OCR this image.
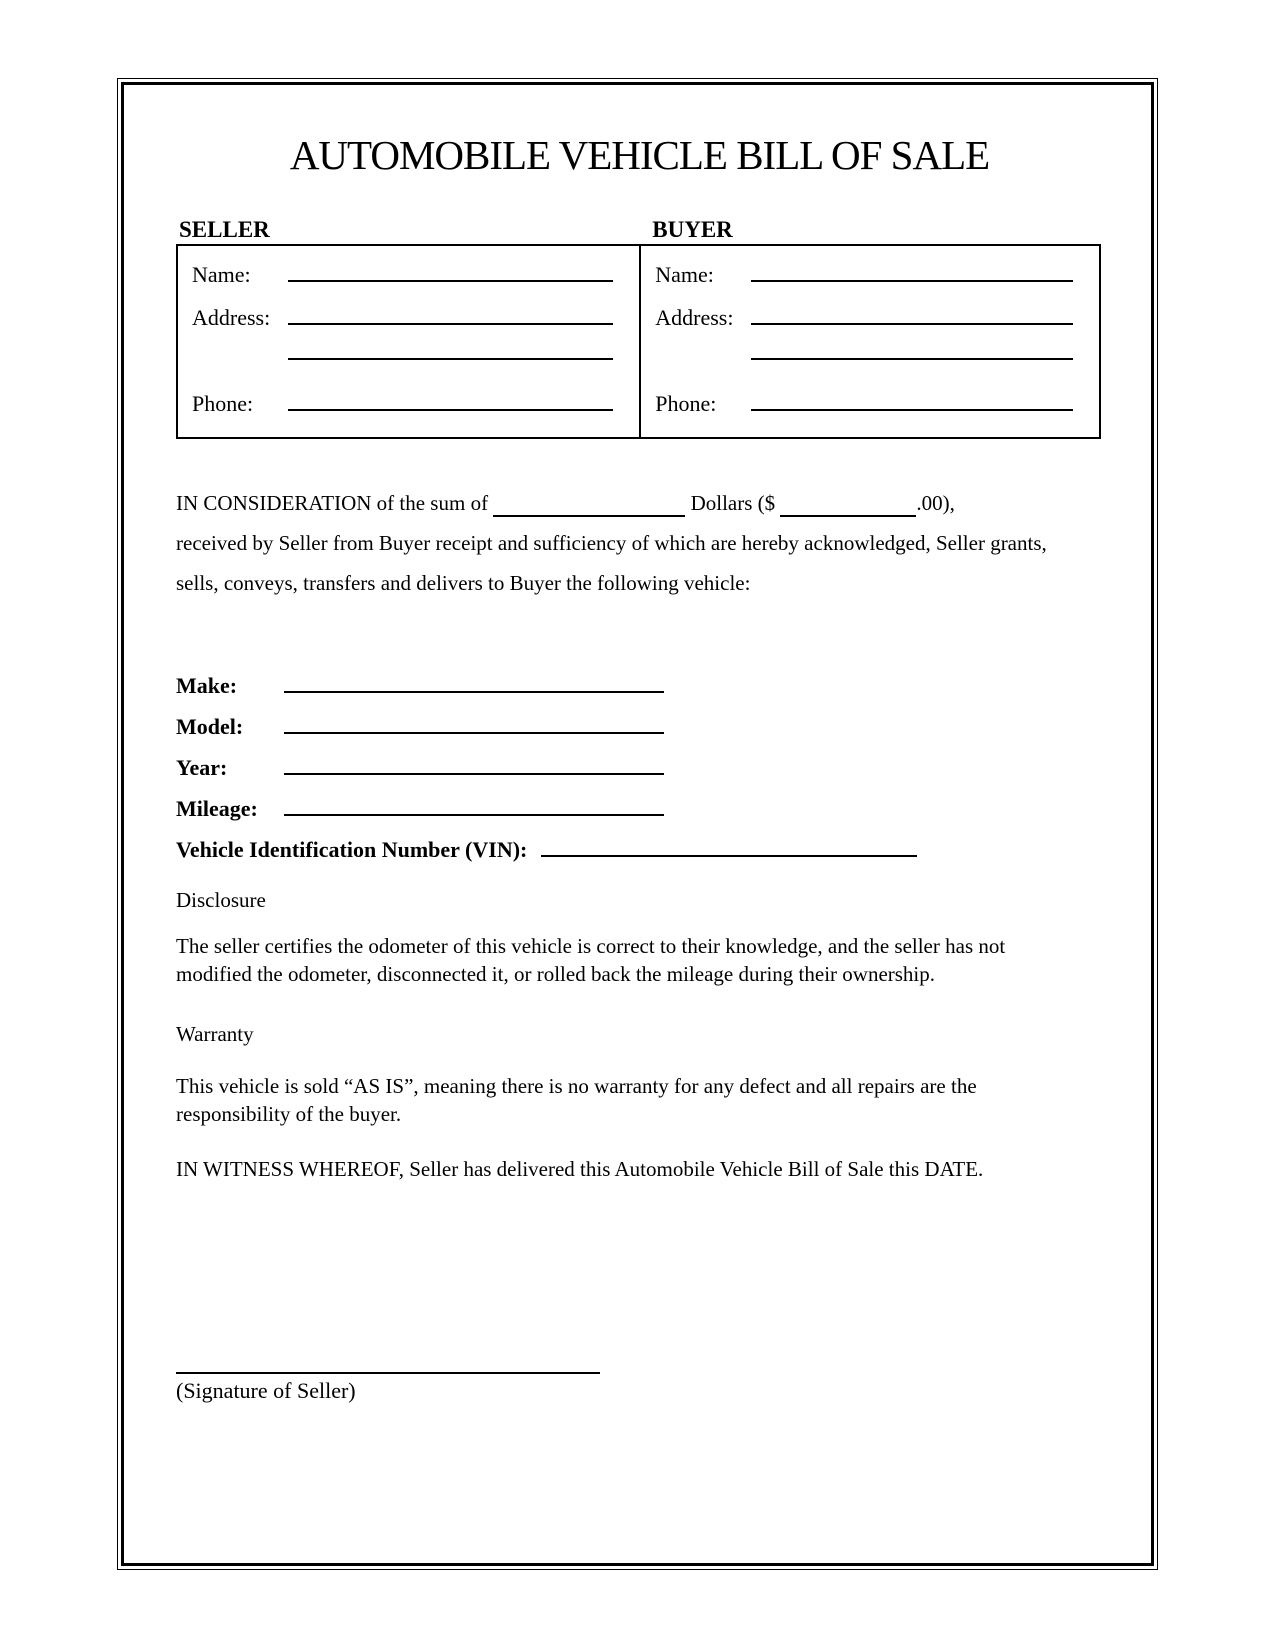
AUTOMOBILE VEHICLE BILL OF SALE
SELLER	BUYER
Name:
Address:
Phone:
Name:
Address:
Phone:
IN CONSIDERATION of the sum of	Dollars ($	.00),
received by Seller from Buyer receipt and sufficiency of which are hereby acknowledged, Seller grants, sells, conveys, transfers and delivers to Buyer the following vehicle:
Make:
Model:
Year:
Mileage:
Vehicle Identification Number (VIN):
Disclosure
The seller certifies the odometer of this vehicle is correct to their knowledge, and the seller has not modified the odometer, disconnected it, or rolled back the mileage during their ownership.
Warranty
This vehicle is sold “AS IS”, meaning there is no warranty for any defect and all repairs are the responsibility of the buyer.
IN WITNESS WHEREOF, Seller has delivered this Automobile Vehicle Bill of Sale this DATE.
(Signature of Seller)
